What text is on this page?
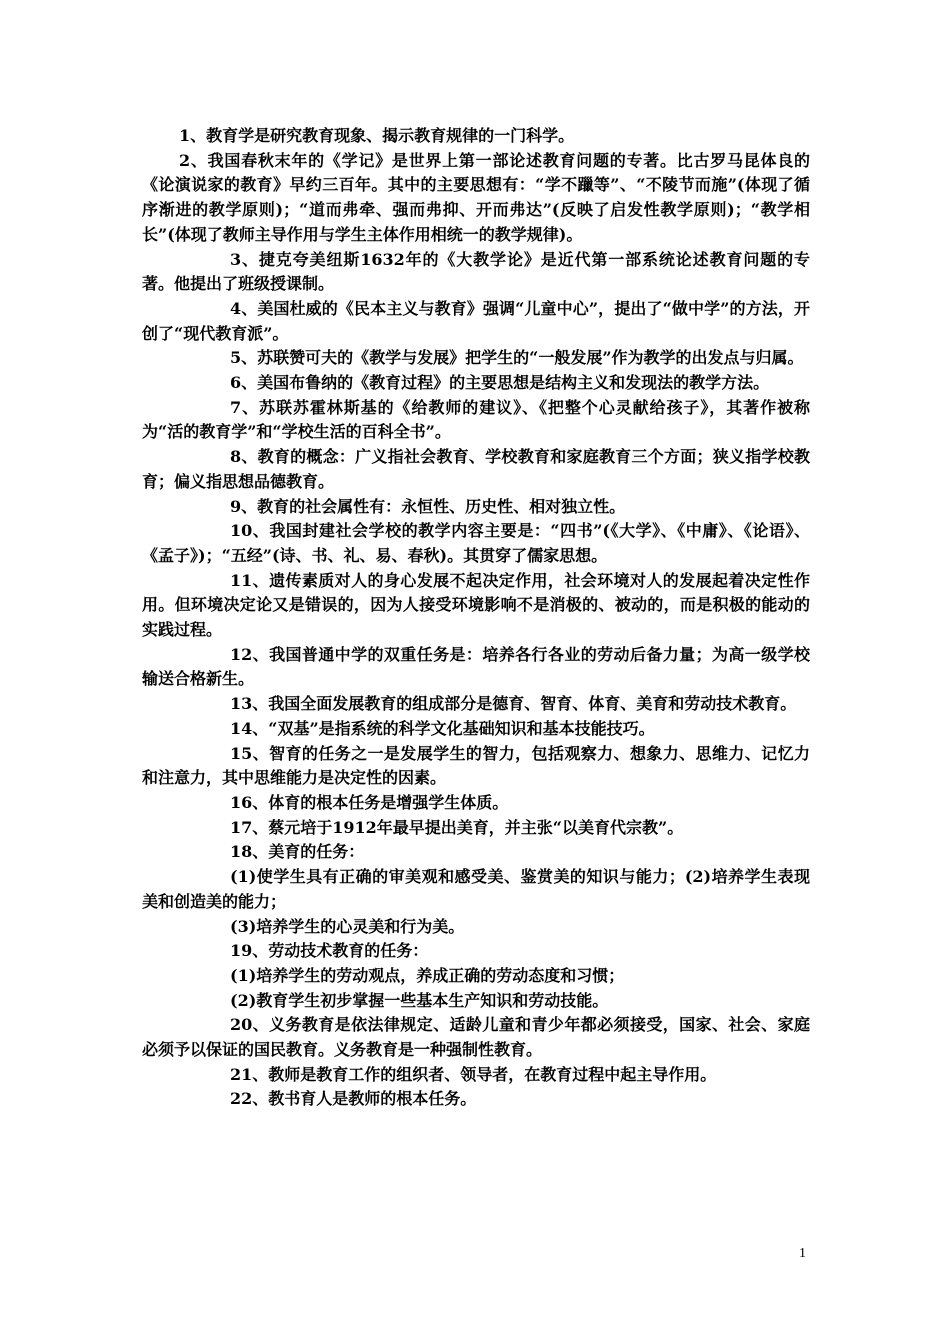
1、教育学是研究教育现象、揭示教育规律的一门科学。

2、我国春秋末年的《学记》是世界上第一部论述教育问题的专著。比古罗马昆体良的《论演说家的教育》早约三百年。其中的主要思想有：“学不躐等”、“不陵节而施”(体现了循序渐进的教学原则)；“道而弗牵、强而弗抑、开而弗达”(反映了启发性教学原则)；“教学相长”(体现了教师主导作用与学生主体作用相统一的教学规律)。

3、捷克夸美纽斯1632年的《大教学论》是近代第一部系统论述教育问题的专著。他提出了班级授课制。

4、美国杜威的《民本主义与教育》强调“儿童中心”，提出了“做中学”的方法，开创了“现代教育派”。

5、苏联赞可夫的《教学与发展》把学生的“一般发展”作为教学的出发点与归属。

6、美国布鲁纳的《教育过程》的主要思想是结构主义和发现法的教学方法。

7、苏联苏霍林斯基的《给教师的建议》、《把整个心灵献给孩子》，其著作被称为“活的教育学”和“学校生活的百科全书”。

8、教育的概念：广义指社会教育、学校教育和家庭教育三个方面；狭义指学校教育；偏义指思想品德教育。

9、教育的社会属性有：永恒性、历史性、相对独立性。

10、我国封建社会学校的教学内容主要是：“四书”(《大学》、《中庸》、《论语》、《孟子》)；“五经”(诗、书、礼、易、春秋)。其贯穿了儒家思想。

11、遗传素质对人的身心发展不起决定作用，社会环境对人的发展起着决定性作用。但环境决定论又是错误的，因为人接受环境影响不是消极的、被动的，而是积极的能动的实践过程。

12、我国普通中学的双重任务是：培养各行各业的劳动后备力量；为高一级学校输送合格新生。

13、我国全面发展教育的组成部分是德育、智育、体育、美育和劳动技术教育。

14、“双基”是指系统的科学文化基础知识和基本技能技巧。

15、智育的任务之一是发展学生的智力，包括观察力、想象力、思维力、记忆力和注意力，其中思维能力是决定性的因素。

16、体育的根本任务是增强学生体质。

17、蔡元培于1912年最早提出美育，并主张“以美育代宗教”。

18、美育的任务：

(1)使学生具有正确的审美观和感受美、鉴赏美的知识与能力；(2)培养学生表现美和创造美的能力；

(3)培养学生的心灵美和行为美。

19、劳动技术教育的任务：

(1)培养学生的劳动观点，养成正确的劳动态度和习惯；

(2)教育学生初步掌握一些基本生产知识和劳动技能。

20、义务教育是依法律规定、适龄儿童和青少年都必须接受，国家、社会、家庭必须予以保证的国民教育。义务教育是一种强制性教育。

21、教师是教育工作的组织者、领导者，在教育过程中起主导作用。

22、教书育人是教师的根本任务。

1
